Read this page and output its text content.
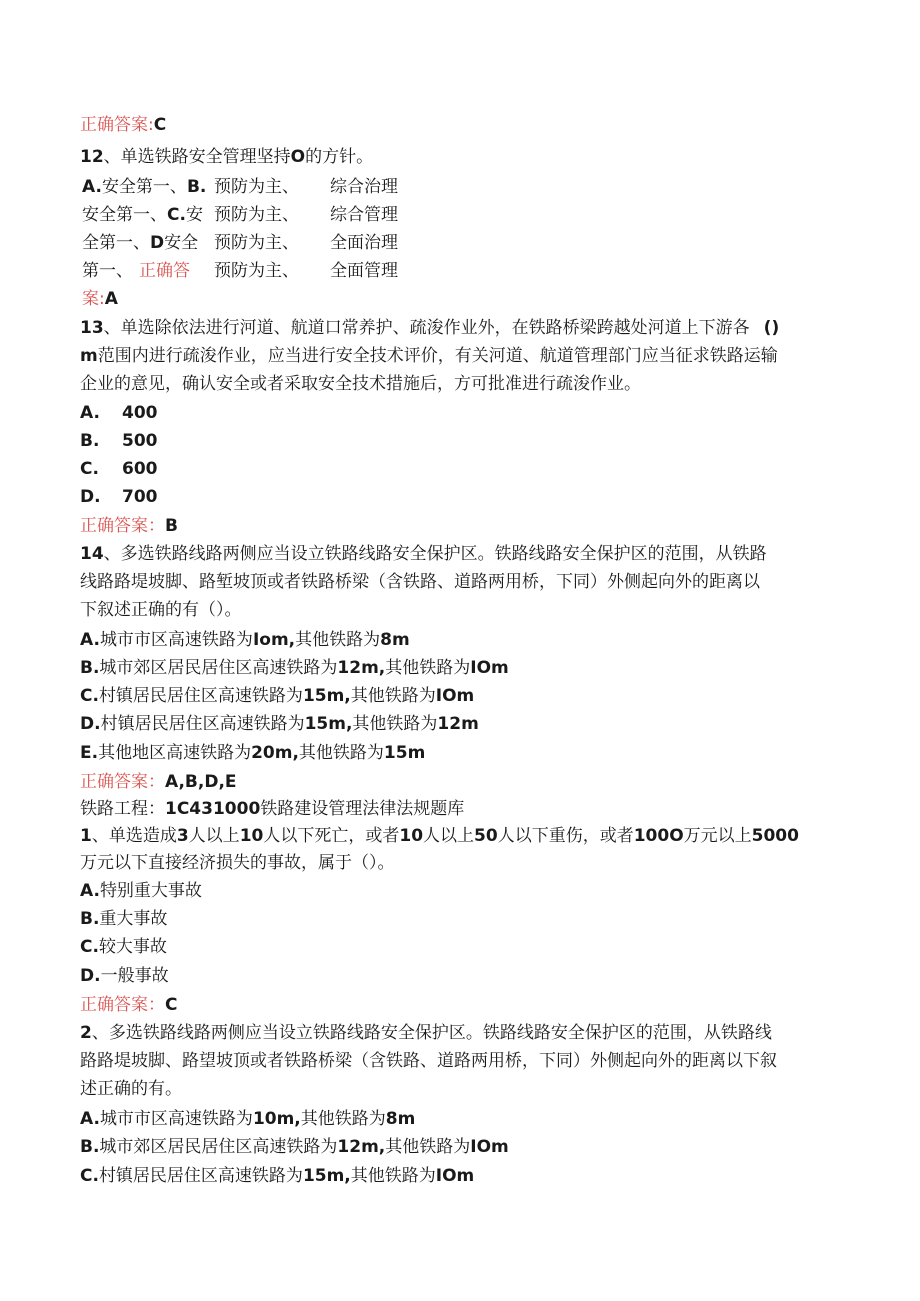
正确答案:C
12、单选铁路安全管理坚持O的方针。
A.安全第一、B. 预防为主、 综合治理
安全第一、C.安 预防为主、 综合管理
全第一、D安全 预防为主、 全面治理
第一、 正确答 预防为主、 全面管理
案:A
13、单选除依法进行河道、航道口常养护、疏浚作业外，在铁路桥梁跨越处河道上下游各 ()
m范围内进行疏浚作业，应当进行安全技术评价，有关河道、航道管理部门应当征求铁路运输
企业的意见，确认安全或者采取安全技术措施后，方可批准进行疏浚作业。
A. 400
B. 500
C. 600
D. 700
正确答案：B
14、多选铁路线路两侧应当设立铁路线路安全保护区。铁路线路安全保护区的范围，从铁路
线路路堤坡脚、路堑坡顶或者铁路桥梁（含铁路、道路两用桥，下同）外侧起向外的距离以
下叙述正确的有（）。
A.城市市区高速铁路为Iom,其他铁路为8m
B.城市郊区居民居住区高速铁路为12m,其他铁路为IOm
C.村镇居民居住区高速铁路为15m,其他铁路为IOm
D.村镇居民居住区高速铁路为15m,其他铁路为12m
E.其他地区高速铁路为20m,其他铁路为15m
正确答案：A,B,D,E
铁路工程：1C431000铁路建设管理法律法规题库
1、单选造成3人以上10人以下死亡，或者10人以上50人以下重伤，或者100O万元以上5000
万元以下直接经济损失的事故，属于（）。
A.特别重大事故
B.重大事故
C.较大事故
D.一般事故
正确答案：C
2、多选铁路线路两侧应当设立铁路线路安全保护区。铁路线路安全保护区的范围，从铁路线
路路堤坡脚、路望坡顶或者铁路桥梁（含铁路、道路两用桥，下同）外侧起向外的距离以下叙
述正确的有。
A.城市市区高速铁路为10m,其他铁路为8m
B.城市郊区居民居住区高速铁路为12m,其他铁路为IOm
C.村镇居民居住区高速铁路为15m,其他铁路为IOm
